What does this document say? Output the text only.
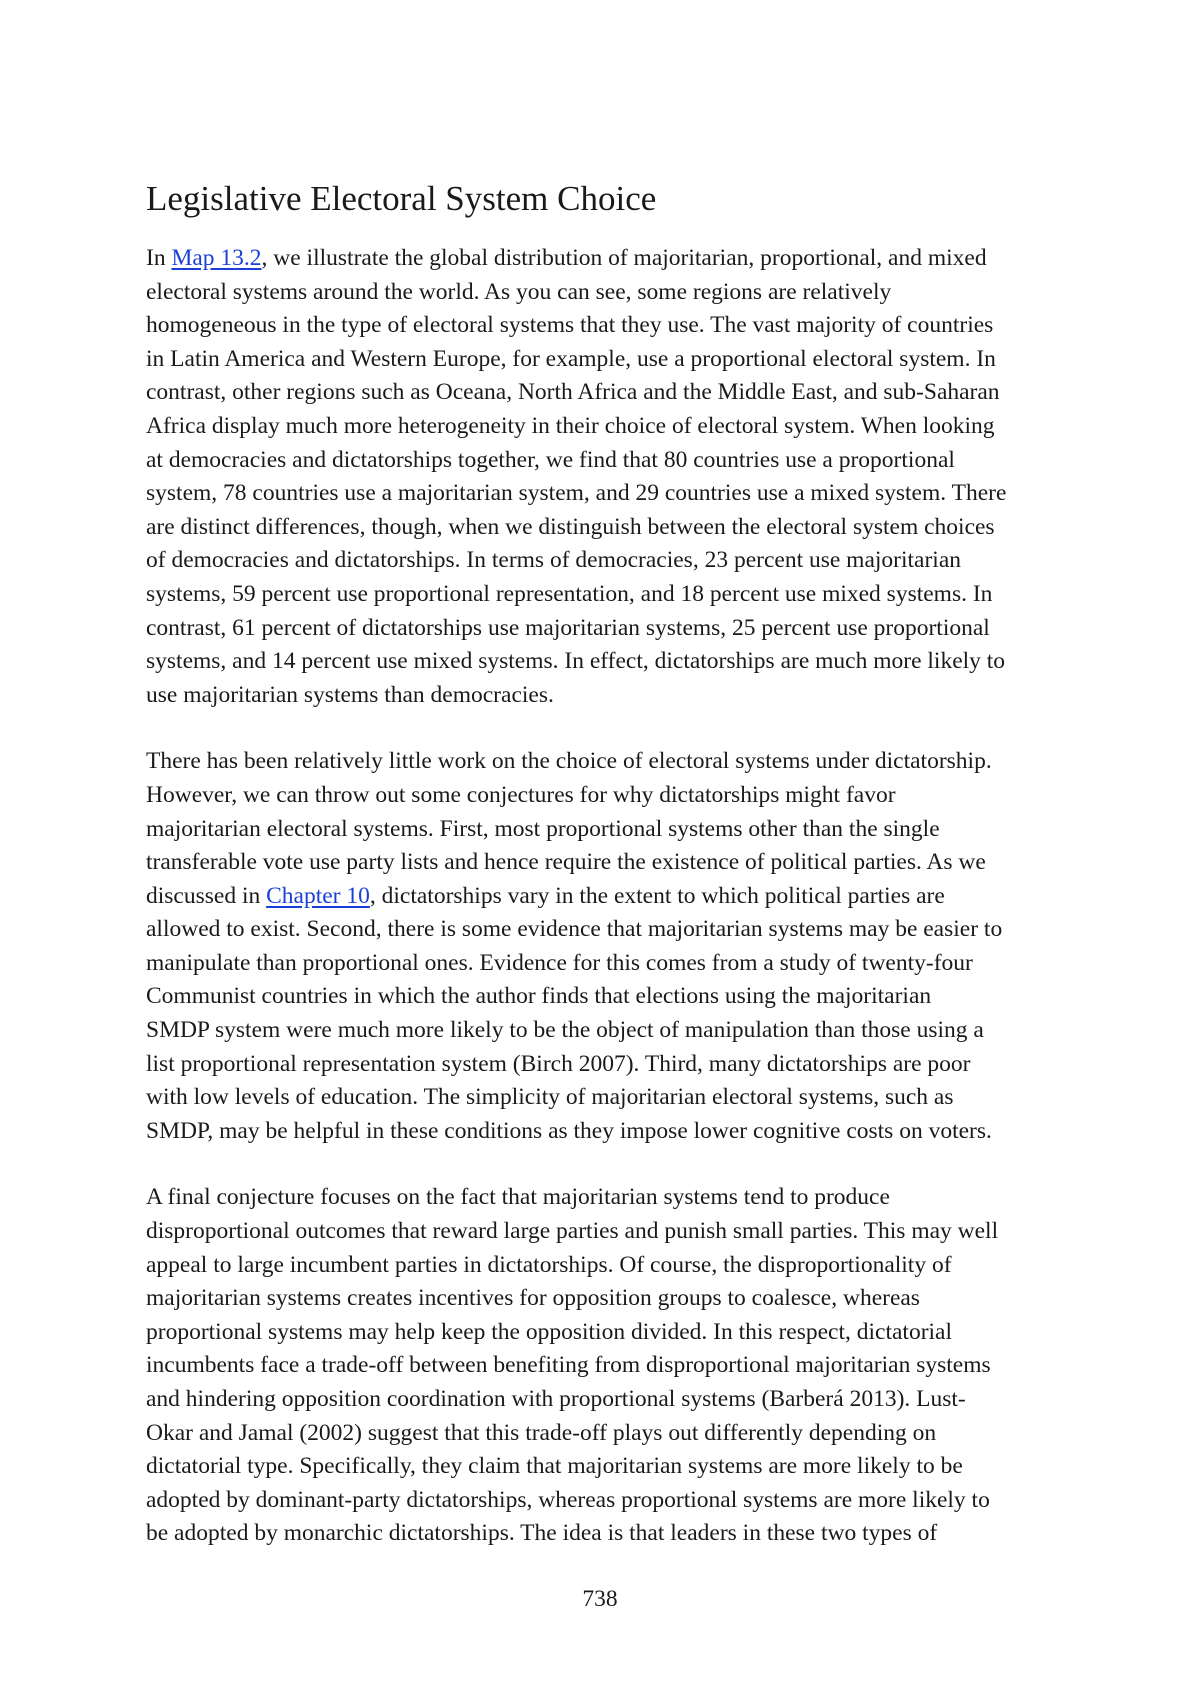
Legislative Electoral System Choice

In Map 13.2, we illustrate the global distribution of majoritarian, proportional, and mixed
electoral systems around the world. As you can see, some regions are relatively
homogeneous in the type of electoral systems that they use. The vast majority of countries
in Latin America and Western Europe, for example, use a proportional electoral system. In
contrast, other regions such as Oceana, North Africa and the Middle East, and sub-Saharan
Africa display much more heterogeneity in their choice of electoral system. When looking
at democracies and dictatorships together, we find that 80 countries use a proportional
system, 78 countries use a majoritarian system, and 29 countries use a mixed system. There
are distinct differences, though, when we distinguish between the electoral system choices
of democracies and dictatorships. In terms of democracies, 23 percent use majoritarian
systems, 59 percent use proportional representation, and 18 percent use mixed systems. In
contrast, 61 percent of dictatorships use majoritarian systems, 25 percent use proportional
systems, and 14 percent use mixed systems. In effect, dictatorships are much more likely to
use majoritarian systems than democracies.

There has been relatively little work on the choice of electoral systems under dictatorship.
However, we can throw out some conjectures for why dictatorships might favor
majoritarian electoral systems. First, most proportional systems other than the single
transferable vote use party lists and hence require the existence of political parties. As we
discussed in Chapter 10, dictatorships vary in the extent to which political parties are
allowed to exist. Second, there is some evidence that majoritarian systems may be easier to
manipulate than proportional ones. Evidence for this comes from a study of twenty-four
Communist countries in which the author finds that elections using the majoritarian
SMDP system were much more likely to be the object of manipulation than those using a
list proportional representation system (Birch 2007). Third, many dictatorships are poor
with low levels of education. The simplicity of majoritarian electoral systems, such as
SMDP, may be helpful in these conditions as they impose lower cognitive costs on voters.

A final conjecture focuses on the fact that majoritarian systems tend to produce
disproportional outcomes that reward large parties and punish small parties. This may well
appeal to large incumbent parties in dictatorships. Of course, the disproportionality of
majoritarian systems creates incentives for opposition groups to coalesce, whereas
proportional systems may help keep the opposition divided. In this respect, dictatorial
incumbents face a trade-off between benefiting from disproportional majoritarian systems
and hindering opposition coordination with proportional systems (Barberá 2013). Lust-
Okar and Jamal (2002) suggest that this trade-off plays out differently depending on
dictatorial type. Specifically, they claim that majoritarian systems are more likely to be
adopted by dominant-party dictatorships, whereas proportional systems are more likely to
be adopted by monarchic dictatorships. The idea is that leaders in these two types of

738
